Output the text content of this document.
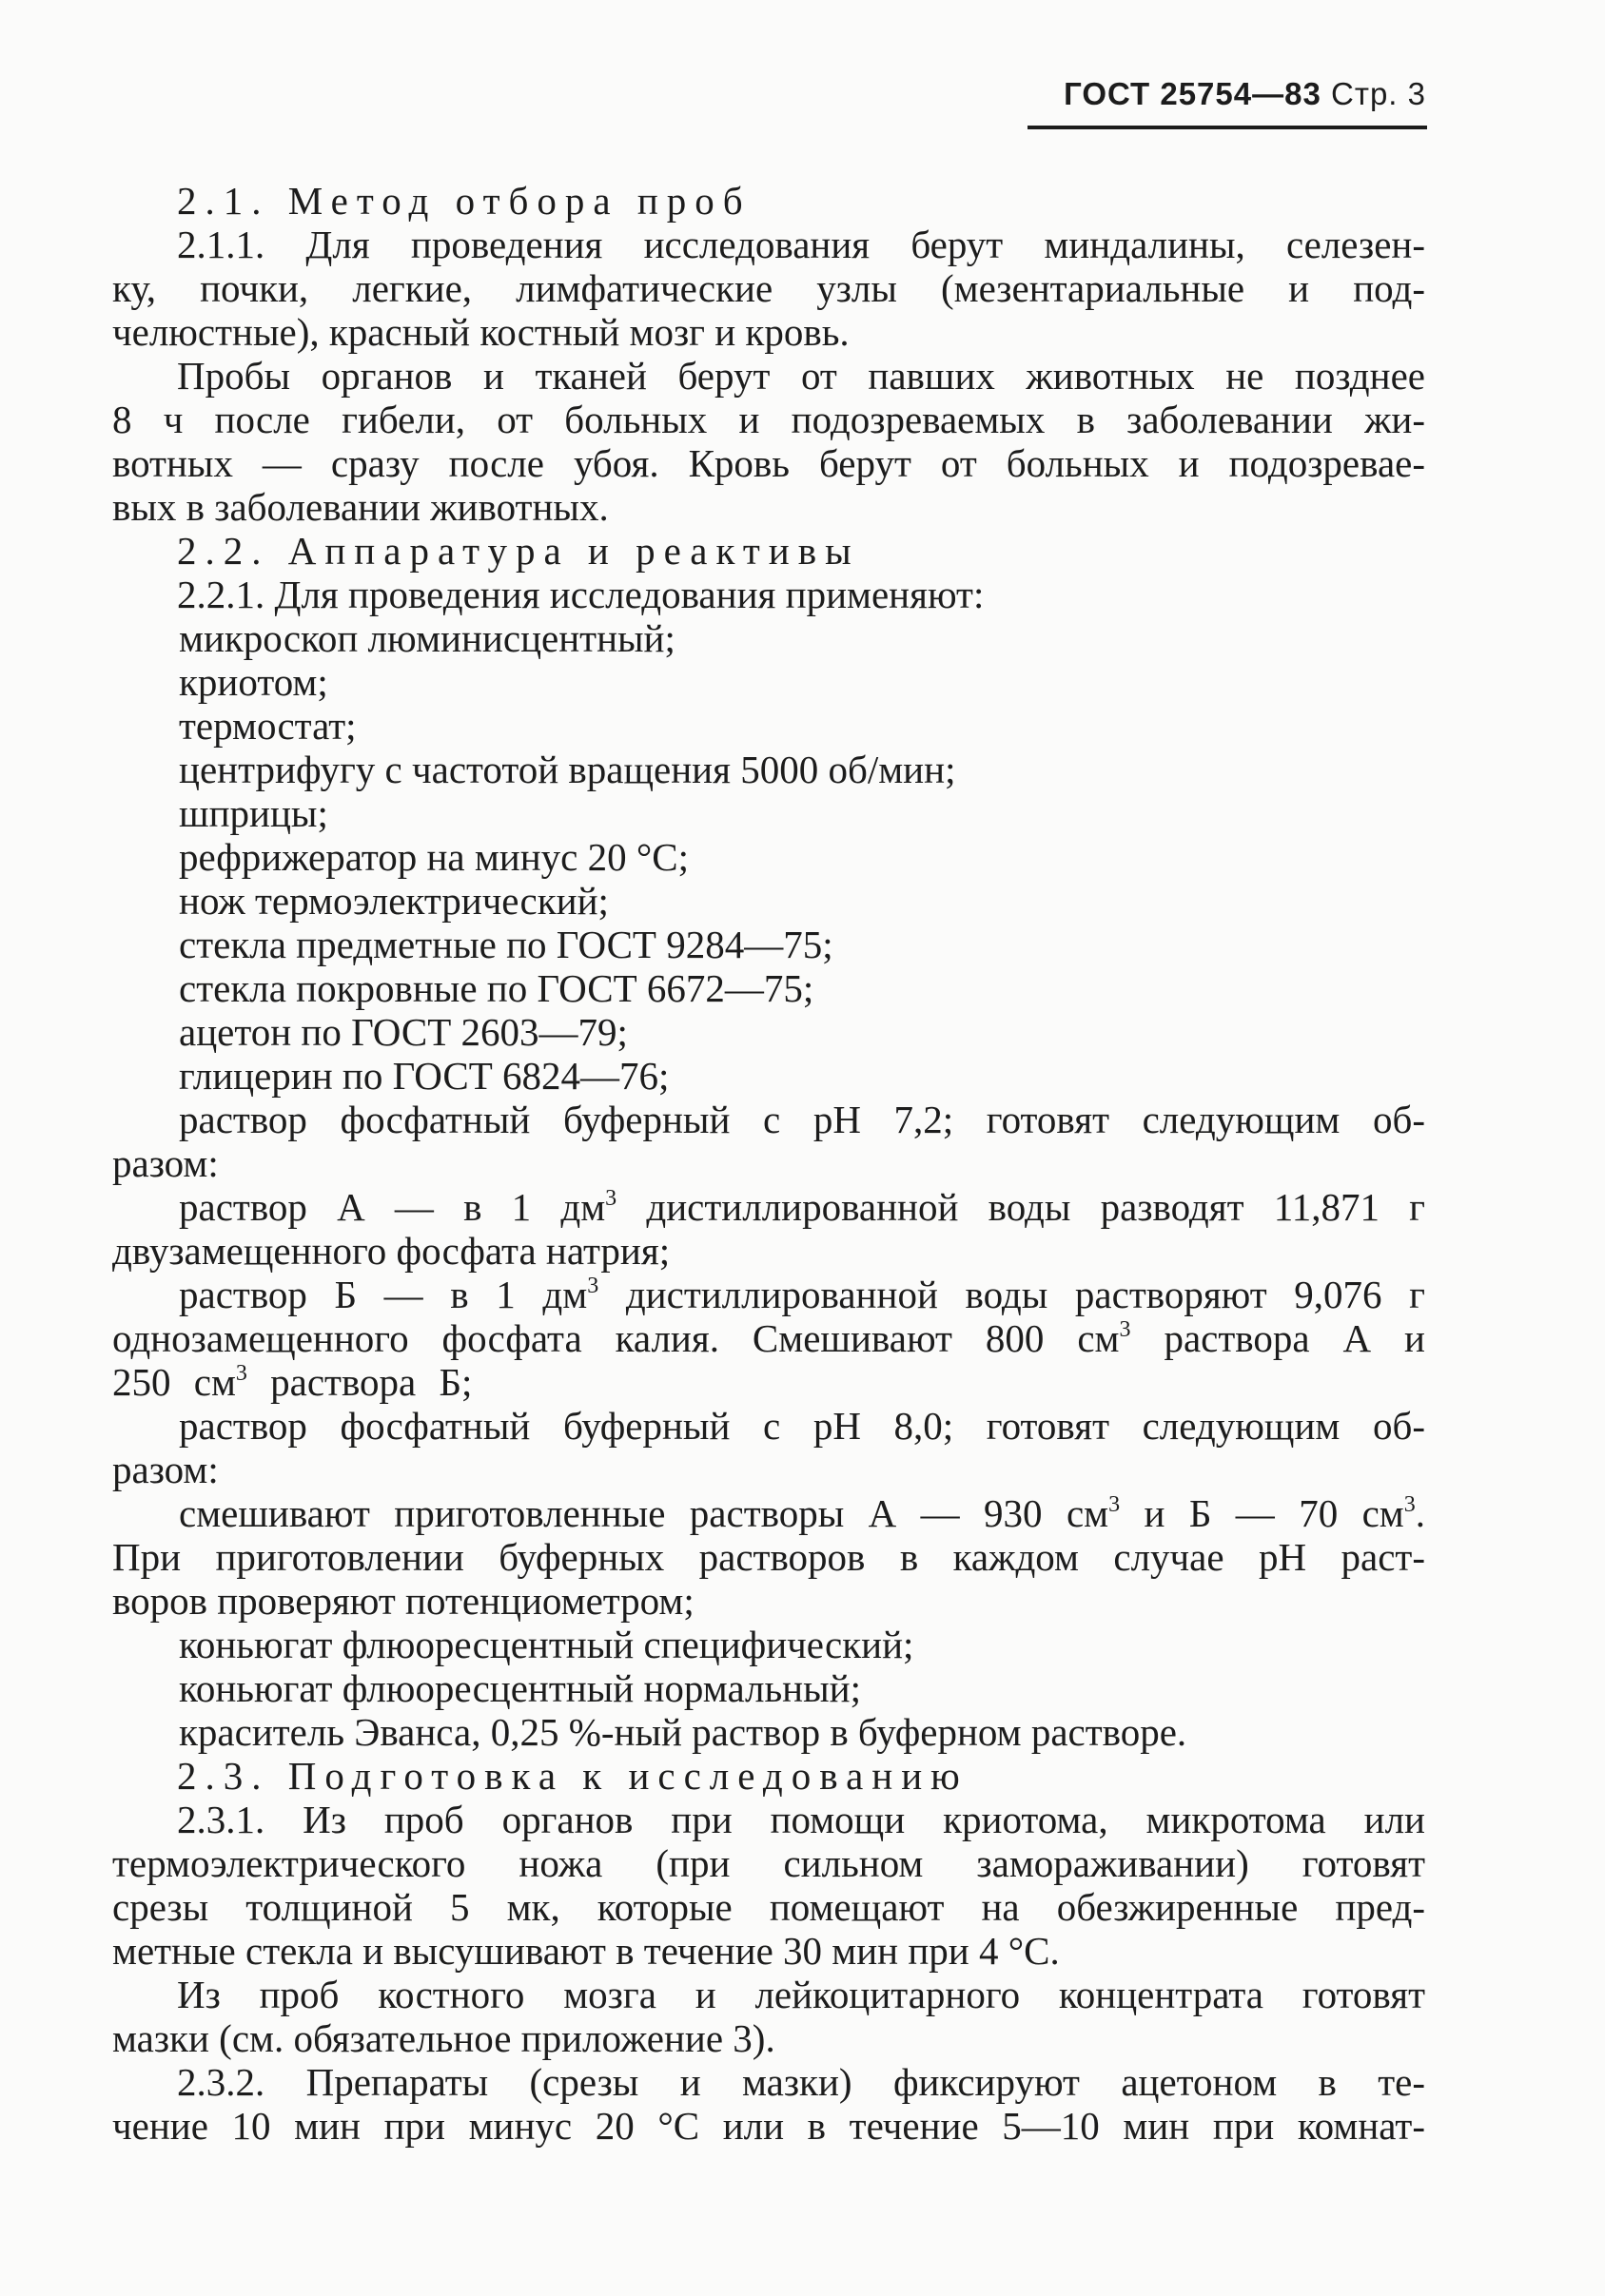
ГОСТ 25754—83 Стр. 3
2.1. Метод отбора проб
2.1.1. Для проведения исследования берут миндалины, селезен-
ку, почки, легкие, лимфатические узлы (мезентариальные и под-
челюстные), красный костный мозг и кровь.
Пробы органов и тканей берут от павших животных не позднее
8 ч после гибели, от больных и подозреваемых в заболевании жи-
вотных — сразу после убоя. Кровь берут от больных и подозревае-
вых в заболевании животных.
2.2. Аппаратура и реактивы
2.2.1. Для проведения исследования применяют:
микроскоп люминисцентный;
криотом;
термостат;
центрифугу с частотой вращения 5000 об/мин;
шприцы;
рефрижератор на минус 20 °С;
нож термоэлектрический;
стекла предметные по ГОСТ 9284—75;
стекла покровные по ГОСТ 6672—75;
ацетон по ГОСТ 2603—79;
глицерин по ГОСТ 6824—76;
раствор фосфатный буферный с рН 7,2; готовят следующим об-
разом:
раствор А — в 1 $дм^3$ дистиллированной воды разводят 11,871 г
двузамещенного фосфата натрия;
раствор Б — в 1 $дм^3$ дистиллированной воды растворяют 9,076 г
однозамещенного фосфата калия. Смешивают 800 $см^3$ раствора А и
250 $см^3$ раствора Б;
раствор фосфатный буферный с рН 8,0; готовят следующим об-
разом:
смешивают приготовленные растворы А — 930 $см^3$ и Б — 70 $см^3$.
При приготовлении буферных растворов в каждом случае рН раст-
воров проверяют потенциометром;
коньюгат флюоресцентный специфический;
коньюгат флюоресцентный нормальный;
краситель Эванса, 0,25 %-ный раствор в буферном растворе.
2.3. Подготовка к исследованию
2.3.1. Из проб органов при помощи криотома, микротома или
термоэлектрического ножа (при сильном замораживании) готовят
срезы толщиной 5 мк, которые помещают на обезжиренные пред-
метные стекла и высушивают в течение 30 мин при 4 °С.
Из проб костного мозга и лейкоцитарного концентрата готовят
мазки (см. обязательное приложение 3).
2.3.2. Препараты (срезы и мазки) фиксируют ацетоном в те-
чение 10 мин при минус 20 °С или в течение 5—10 мин при комнат-
